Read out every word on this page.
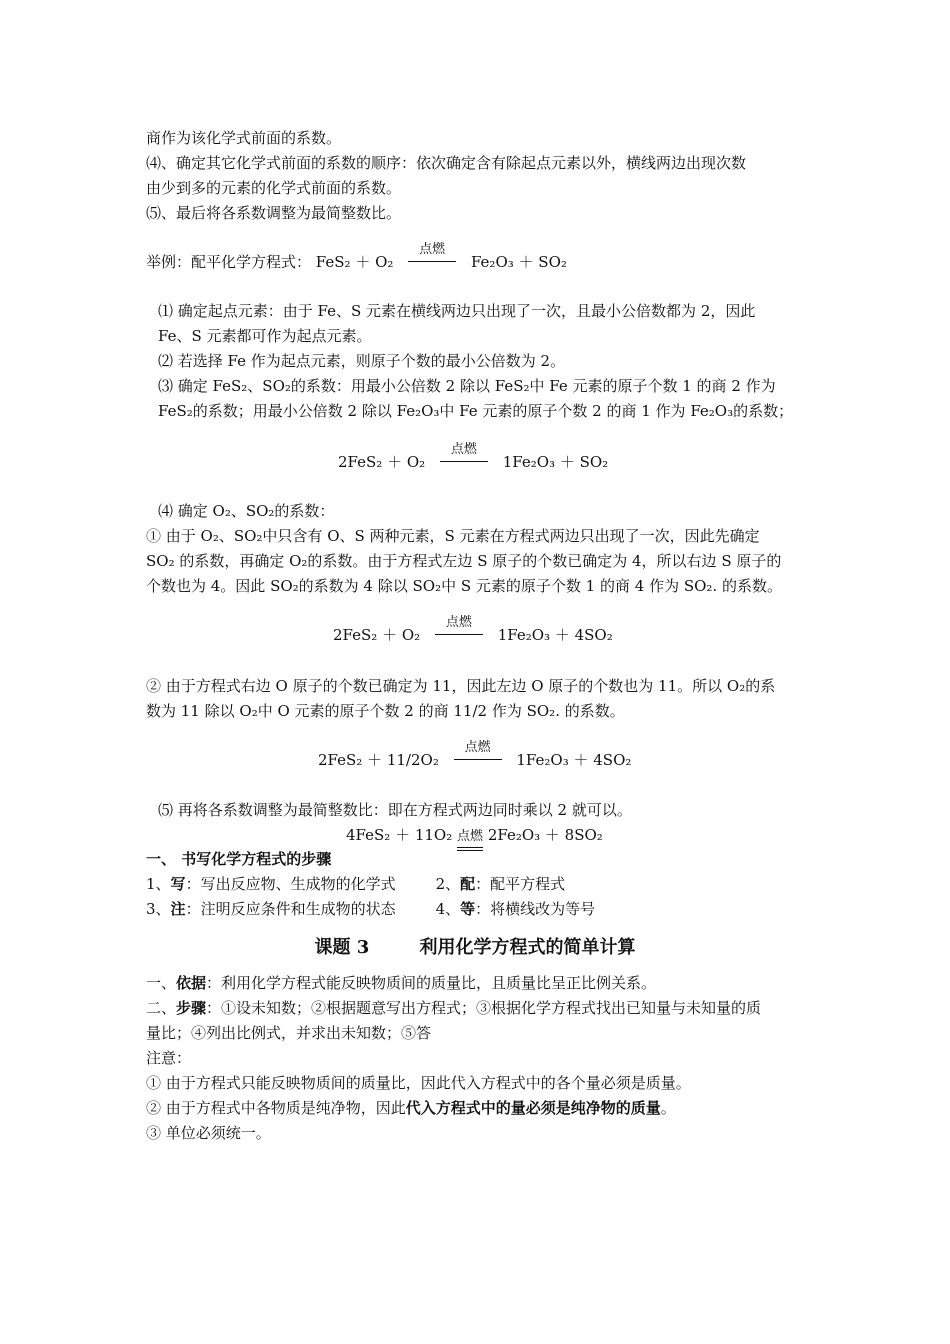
商作为该化学式前面的系数。
⑷、确定其它化学式前面的系数的顺序：依次确定含有除起点元素以外，横线两边出现次数
由少到多的元素的化学式前面的系数。
⑸、最后将各系数调整为最简整数比。
举例：配平化学方程式： FeS₂ ＋ O₂
点燃
Fe₂O₃ ＋ SO₂
⑴ 确定起点元素：由于 Fe、S 元素在横线两边只出现了一次，且最小公倍数都为 2，因此
Fe、S 元素都可作为起点元素。
⑵ 若选择 Fe 作为起点元素，则原子个数的最小公倍数为 2。
⑶ 确定 FeS₂、SO₂的系数：用最小公倍数 2 除以 FeS₂中 Fe 元素的原子个数 1 的商 2 作为
FeS₂的系数；用最小公倍数 2 除以 Fe₂O₃中 Fe 元素的原子个数 2 的商 1 作为 Fe₂O₃的系数；
2FeS₂ ＋ O₂
点燃
1Fe₂O₃ ＋ SO₂
⑷ 确定 O₂、SO₂的系数：
① 由于 O₂、SO₂中只含有 O、S 两种元素，S 元素在方程式两边只出现了一次，因此先确定
SO₂ 的系数，再确定 O₂的系数。由于方程式左边 S 原子的个数已确定为 4，所以右边 S 原子的
个数也为 4。因此 SO₂的系数为 4 除以 SO₂中 S 元素的原子个数 1 的商 4 作为 SO₂. 的系数。
2FeS₂ ＋ O₂
点燃
1Fe₂O₃ ＋ 4SO₂
② 由于方程式右边 O 原子的个数已确定为 11，因此左边 O 原子的个数也为 11。所以 O₂的系
数为 11 除以 O₂中 O 元素的原子个数 2 的商 11/2 作为 SO₂. 的系数。
2FeS₂ ＋ 11/2O₂
点燃
1Fe₂O₃ ＋ 4SO₂
⑸ 再将各系数调整为最简整数比：即在方程式两边同时乘以 2 就可以。
4FeS₂ ＋ 11O₂ 点燃 2Fe₂O₃ ＋ 8SO₂
一、 书写化学方程式的步骤
1、写：写出反应物、生成物的化学式	2、配：配平方程式
3、注：注明反应条件和生成物的状态	4、等：将横线改为等号
课题 3        利用化学方程式的简单计算
一、依据：利用化学方程式能反映物质间的质量比，且质量比呈正比例关系。
二、步骤：①设未知数；②根据题意写出方程式；③根据化学方程式找出已知量与未知量的质
量比；④列出比例式，并求出未知数；⑤答
注意：
① 由于方程式只能反映物质间的质量比，因此代入方程式中的各个量必须是质量。
② 由于方程式中各物质是纯净物，因此代入方程式中的量必须是纯净物的质量。
③ 单位必须统一。
